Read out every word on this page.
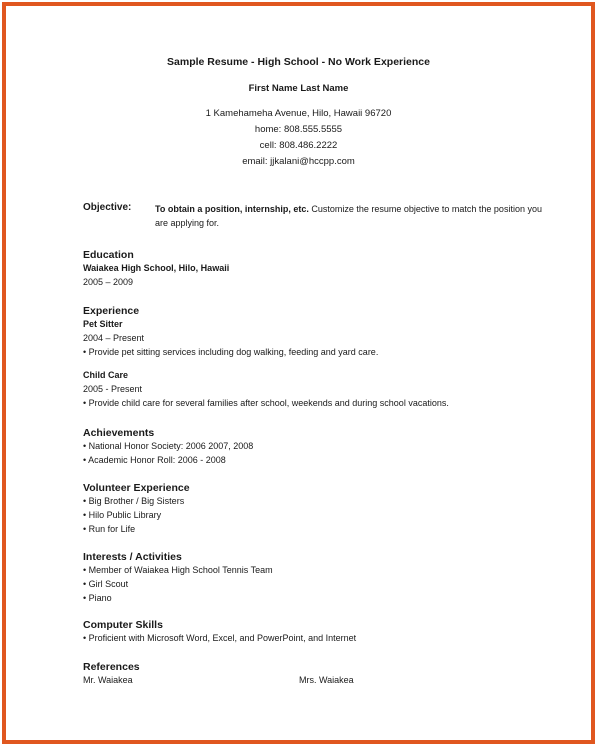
Sample Resume - High School - No Work Experience
First Name Last Name
1 Kamehameha Avenue, Hilo, Hawaii 96720
home: 808.555.5555
cell: 808.486.2222
email: jjkalani@hccpp.com
Objective:	To obtain a position, internship, etc. Customize the resume objective to match the position you are applying for.
Education
Waiakea High School, Hilo, Hawaii
2005 – 2009
Experience
Pet Sitter
2004 – Present
• Provide pet sitting services including dog walking, feeding and yard care.
Child Care
2005 - Present
• Provide child care for several families after school, weekends and during school vacations.
Achievements
• National Honor Society: 2006 2007, 2008
• Academic Honor Roll: 2006 - 2008
Volunteer Experience
• Big Brother / Big Sisters
• Hilo Public Library
• Run for Life
Interests / Activities
• Member of Waiakea High School Tennis Team
• Girl Scout
• Piano
Computer Skills
• Proficient with Microsoft Word, Excel, and PowerPoint, and Internet
References
Mr. Waiakea	Mrs. Waiakea
